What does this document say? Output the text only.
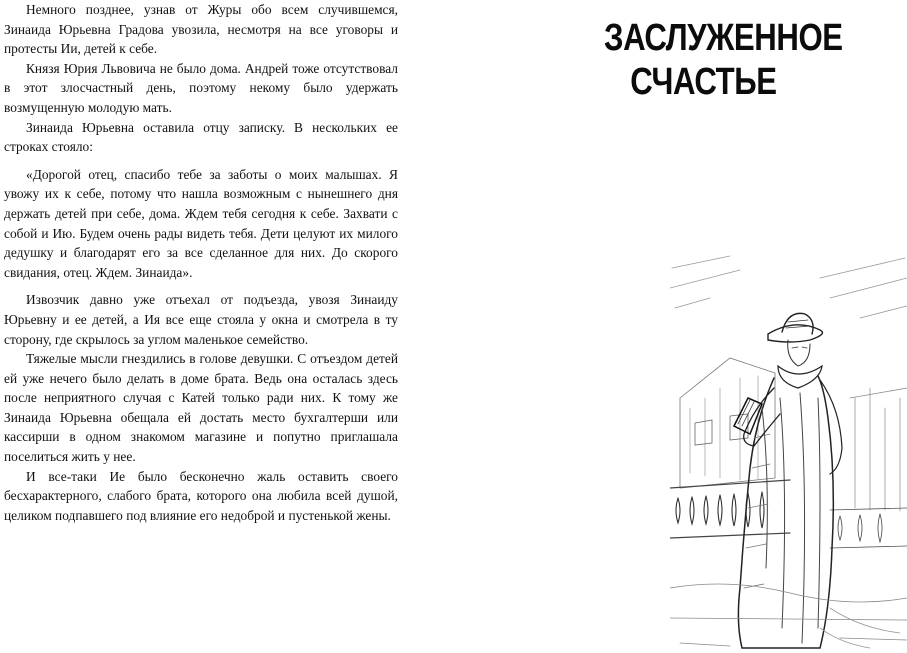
Немного позднее, узнав от Журы обо всем случившемся, Зинаида Юрьевна Градова увозила, несмотря на все уговоры и протесты Ии, детей к себе.

Князя Юрия Львовича не было дома. Андрей тоже отсутствовал в этот злосчастный день, поэтому некому было удержать возмущенную молодую мать.

Зинаида Юрьевна оставила отцу записку. В нескольких ее строках стояло:

«Дорогой отец, спасибо тебе за заботы о моих малышах. Я увожу их к себе, потому что нашла возможным с нынешнего дня держать детей при себе, дома. Ждем тебя сегодня к себе. Захвати с собой и Ию. Будем очень рады видеть тебя. Дети целуют их милого дедушку и благодарят его за все сделанное для них. До скорого свидания, отец. Ждем. Зинаида».

Извозчик давно уже отъехал от подъезда, увозя Зинаиду Юрьевну и ее детей, а Ия все еще стояла у окна и смотрела в ту сторону, где скрылось за углом маленькое семейство.

Тяжелые мысли гнездились в голове девушки. С отъездом детей ей уже нечего было делать в доме брата. Ведь она осталась здесь после неприятного случая с Катей только ради них. К тому же Зинаида Юрьевна обещала ей достать место бухгалтерши или кассирши в одном знакомом магазине и попутно приглашала поселиться жить у нее.

И все-таки Ие было бесконечно жаль оставить своего бесхарактерного, слабого брата, которого она любила всей душой, целиком подпавшего под влияние его недоброй и пустенькой жены.

ЗАСЛУЖЕННОЕ
СЧАСТЬЕ
